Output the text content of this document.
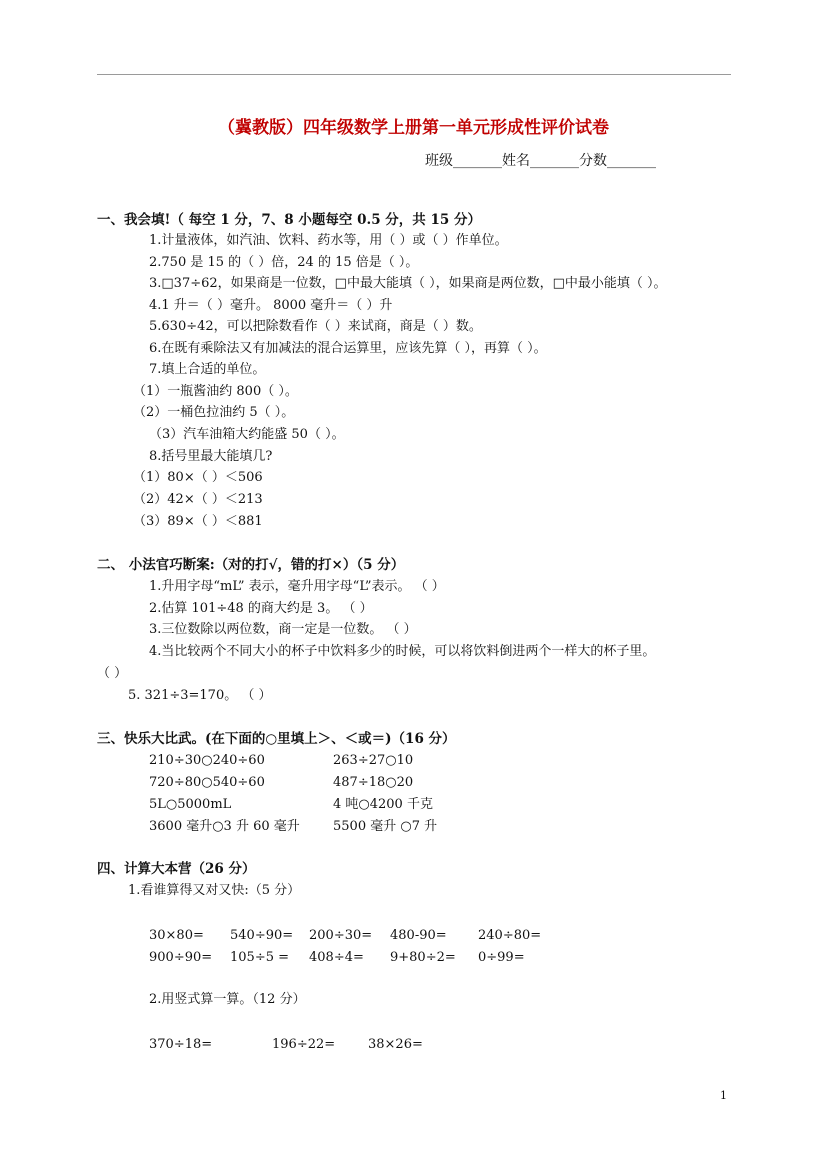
（冀教版）四年级数学上册第一单元形成性评价试卷
班级_______姓名_______分数_______
一、我会填!（ 每空 1 分，7、8 小题每空 0.5 分，共 15 分）
1.计量液体，如汽油、饮料、药水等，用（ ）或（ ）作单位。
2.750 是 15 的（ ）倍，24 的 15 倍是（ ）。
3.□37÷62，如果商是一位数，□中最大能填（ ），如果商是两位数，□中最小能填（ ）。
4.1 升＝（ ）毫升。 8000 毫升＝（ ）升
5.630÷42，可以把除数看作（ ）来试商，商是（ ）数。
6.在既有乘除法又有加减法的混合运算里，应该先算（ ），再算（ ）。
7.填上合适的单位。
（1）一瓶酱油约 800（ ）。
（2）一桶色拉油约 5（ ）。
（3）汽车油箱大约能盛 50（ ）。
8.括号里最大能填几?
（1）80×（ ）＜506
（2）42×（ ）＜213
（3）89×（ ）＜881
二、 小法官巧断案:（对的打√，错的打×）（5 分）
1.升用字母“mL” 表示，毫升用字母“L”表示。 （ ）
2.估算 101÷48 的商大约是 3。 （ ）
3.三位数除以两位数，商一定是一位数。 （ ）
4.当比较两个不同大小的杯子中饮料多少的时候，可以将饮料倒进两个一样大的杯子里。
（ ）
5. 321÷3=170。 （ ）
三、快乐大比武。(在下面的○里填上＞、＜或＝)（16 分）
210÷30○240÷60	263÷27○10
720÷80○540÷60	487÷18○20
5L○5000mL	4 吨○4200 千克
3600 毫升○3 升 60 毫升	5500 毫升 ○7 升
四、计算大本营（26 分）
1.看谁算得又对又快:（5 分）
30×80= 540÷90= 200÷30= 480-90= 240÷80=
900÷90= 105÷5 = 408÷4= 9+80÷2= 0÷99=
2.用竖式算一算。（12 分）
370÷18=	196÷22=	38×26=
1
